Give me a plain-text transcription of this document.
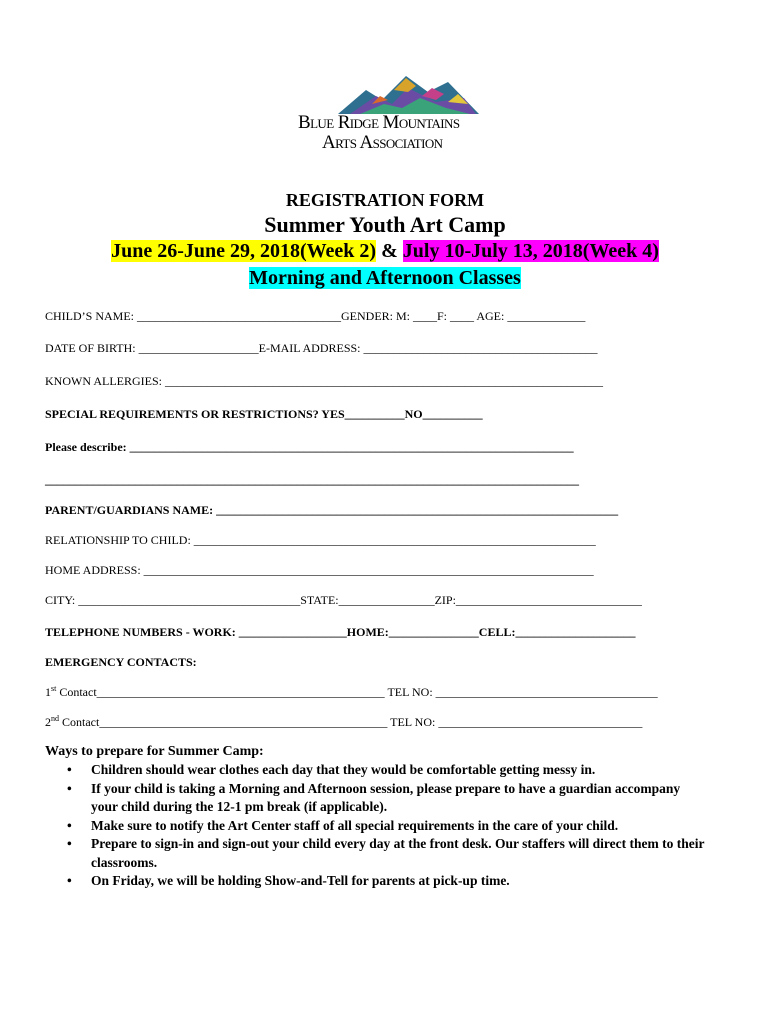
Blue Ridge Mountains
Arts Association
REGISTRATION FORM
Summer Youth Art Camp
June 26-June 29, 2018(Week 2) & July 10-July 13, 2018(Week 4)
Morning and Afternoon Classes
CHILD’S NAME: __________________________________GENDER: M: ____F: ____ AGE: _____________
DATE OF BIRTH: ____________________E-MAIL ADDRESS: _______________________________________
KNOWN ALLERGIES: _________________________________________________________________________
SPECIAL REQUIREMENTS OR RESTRICTIONS? YES__________NO__________
Please describe: __________________________________________________________________________
_________________________________________________________________________________________
PARENT/GUARDIANS NAME: ___________________________________________________________________
RELATIONSHIP TO CHILD: ___________________________________________________________________
HOME ADDRESS: ___________________________________________________________________________
CITY: _____________________________________STATE:________________ZIP:_______________________________
TELEPHONE NUMBERS - WORK: __________________HOME:_______________CELL:____________________
EMERGENCY CONTACTS:
1st Contact________________________________________________ TEL NO: _____________________________________
2nd Contact________________________________________________ TEL NO: __________________________________
Ways to prepare for Summer Camp:
• Children should wear clothes each day that they would be comfortable getting messy in.
• If your child is taking a Morning and Afternoon session, please prepare to have a guardian accompany your child during the 12-1 pm break (if applicable).
• Make sure to notify the Art Center staff of all special requirements in the care of your child.
• Prepare to sign-in and sign-out your child every day at the front desk. Our staffers will direct them to their classrooms.
• On Friday, we will be holding Show-and-Tell for parents at pick-up time.
